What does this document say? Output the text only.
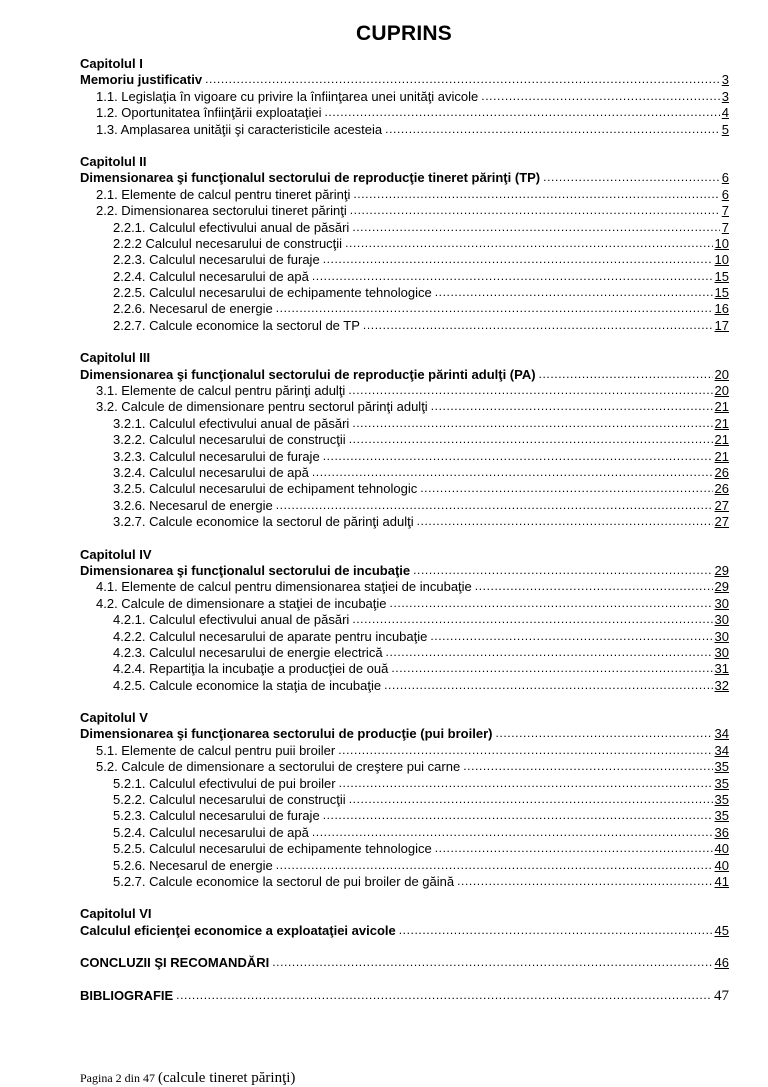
CUPRINS
Capitolul I
Memoriu justificativ .....	3
1.1. Legislaţia în vigoare cu privire la înfiinţarea unei unităţi avicole .....	3
1.2. Oportunitatea înfiinţării exploataţiei .....	4
1.3. Amplasarea unităţii şi caracteristicile acesteia .....	5
Capitolul II
Dimensionarea şi funcţionalul sectorului de reproducţie tineret părinţi (TP) .....	6
2.1. Elemente de calcul pentru tineret părinţi .....	6
2.2. Dimensionarea sectorului tineret părinţi .....	7
2.2.1. Calculul efectivului anual de păsări .....	7
2.2.2 Calculul necesarului de construcţii .....	10
2.2.3. Calculul necesarului de furaje .....	10
2.2.4. Calculul necesarului de apă .....	15
2.2.5. Calculul necesarului de echipamente tehnologice .....	15
2.2.6. Necesarul de energie .....	16
2.2.7. Calcule economice la sectorul de TP .....	17
Capitolul III
Dimensionarea şi funcţionalul sectorului de reproducţie părinti adulţi (PA) .....	20
3.1. Elemente de calcul pentru părinţi adulţi .....	20
3.2. Calcule de dimensionare pentru sectorul părinţi adulţi .....	21
3.2.1. Calculul efectivului anual de păsări .....	21
3.2.2. Calculul necesarului de construcţii .....	21
3.2.3. Calculul necesarului de furaje .....	21
3.2.4. Calculul necesarului de apă .....	26
3.2.5. Calculul necesarului de echipament tehnologic .....	26
3.2.6. Necesarul de energie .....	27
3.2.7. Calcule economice la sectorul de părinţi adulţi .....	27
Capitolul IV
Dimensionarea şi funcţionalul sectorului de incubaţie .....	29
4.1. Elemente de calcul pentru dimensionarea staţiei de incubaţie .....	29
4.2. Calcule de dimensionare a staţiei de incubaţie .....	30
4.2.1. Calculul efectivului anual de păsări .....	30
4.2.2. Calculul necesarului de aparate pentru incubaţie .....	30
4.2.3. Calculul necesarului de energie electrică .....	30
4.2.4. Repartiţia la incubaţie a producţiei de ouă .....	31
4.2.5. Calcule economice la staţia de incubaţie .....	32
Capitolul V
Dimensionarea şi funcţionarea sectorului de producţie (pui broiler) .....	34
5.1. Elemente de calcul pentru puii broiler .....	34
5.2. Calcule de dimensionare a sectorului de creştere pui carne .....	35
5.2.1. Calculul efectivului de pui broiler .....	35
5.2.2. Calculul necesarului de construcţii .....	35
5.2.3. Calculul necesarului de furaje .....	35
5.2.4. Calculul necesarului de apă .....	36
5.2.5. Calculul necesarului de echipamente tehnologice .....	40
5.2.6. Necesarul de energie .....	40
5.2.7. Calcule economice la sectorul de pui broiler de găină .....	41
Capitolul VI
Calculul eficienţei economice a exploataţiei avicole .....	45
CONCLUZII ŞI RECOMANDĂRI .....	46
BIBLIOGRAFIE .....	47
Pagina 2 din 47 (calcule tineret părinţi)
